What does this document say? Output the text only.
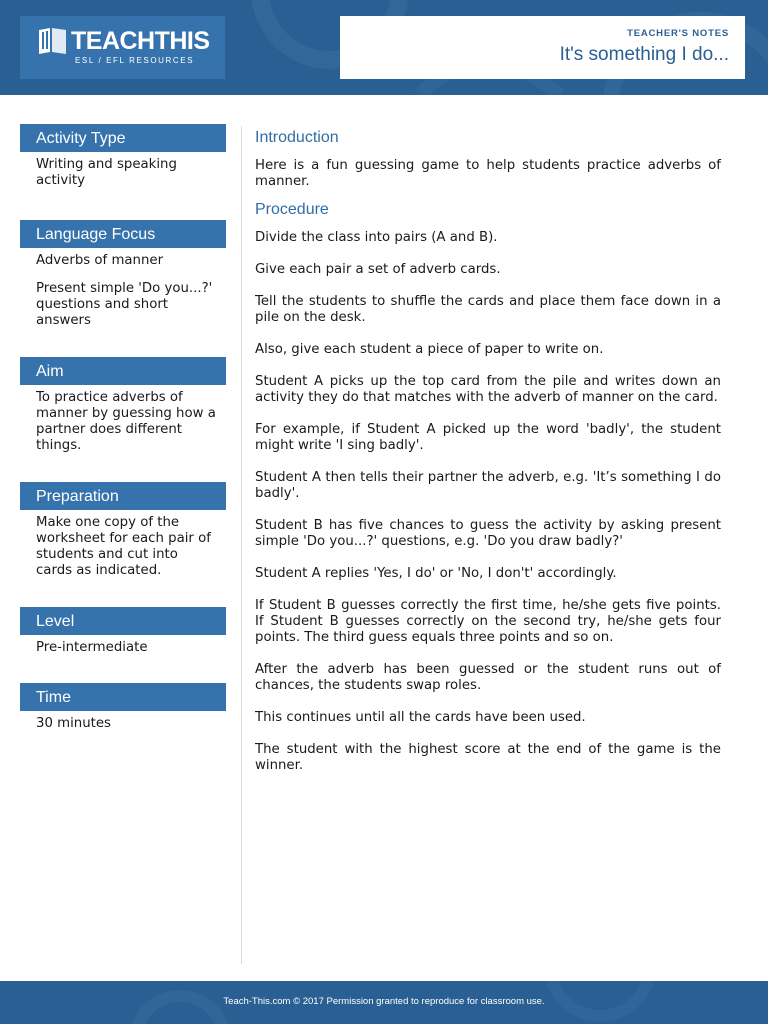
TEACHTHIS
ESL / EFL RESOURCES
TEACHER'S NOTES
It's something I do...
Activity Type

Writing and speaking activity

Language Focus

Adverbs of manner

Present simple 'Do you...?' questions and short answers

Aim

To practice adverbs of manner by guessing how a partner does different things.

Preparation

Make one copy of the worksheet for each pair of students and cut into cards as indicated.

Level

Pre-intermediate

Time

30 minutes

Introduction

Here is a fun guessing game to help students practice adverbs of manner.

Procedure

Divide the class into pairs (A and B).

Give each pair a set of adverb cards.

Tell the students to shuffle the cards and place them face down in a pile on the desk.

Also, give each student a piece of paper to write on.

Student A picks up the top card from the pile and writes down an activity they do that matches with the adverb of manner on the card.

For example, if Student A picked up the word 'badly', the student might write 'I sing badly'.

Student A then tells their partner the adverb, e.g. 'It’s something I do badly'.

Student B has five chances to guess the activity by asking present simple 'Do you...?' questions, e.g. 'Do you draw badly?'

Student A replies 'Yes, I do' or 'No, I don't' accordingly.

If Student B guesses correctly the first time, he/she gets five points. If Student B guesses correctly on the second try, he/she gets four points. The third guess equals three points and so on.

After the adverb has been guessed or the student runs out of chances, the students swap roles.

This continues until all the cards have been used.

The student with the highest score at the end of the game is the winner.

Teach-This.com © 2017 Permission granted to reproduce for classroom use.
